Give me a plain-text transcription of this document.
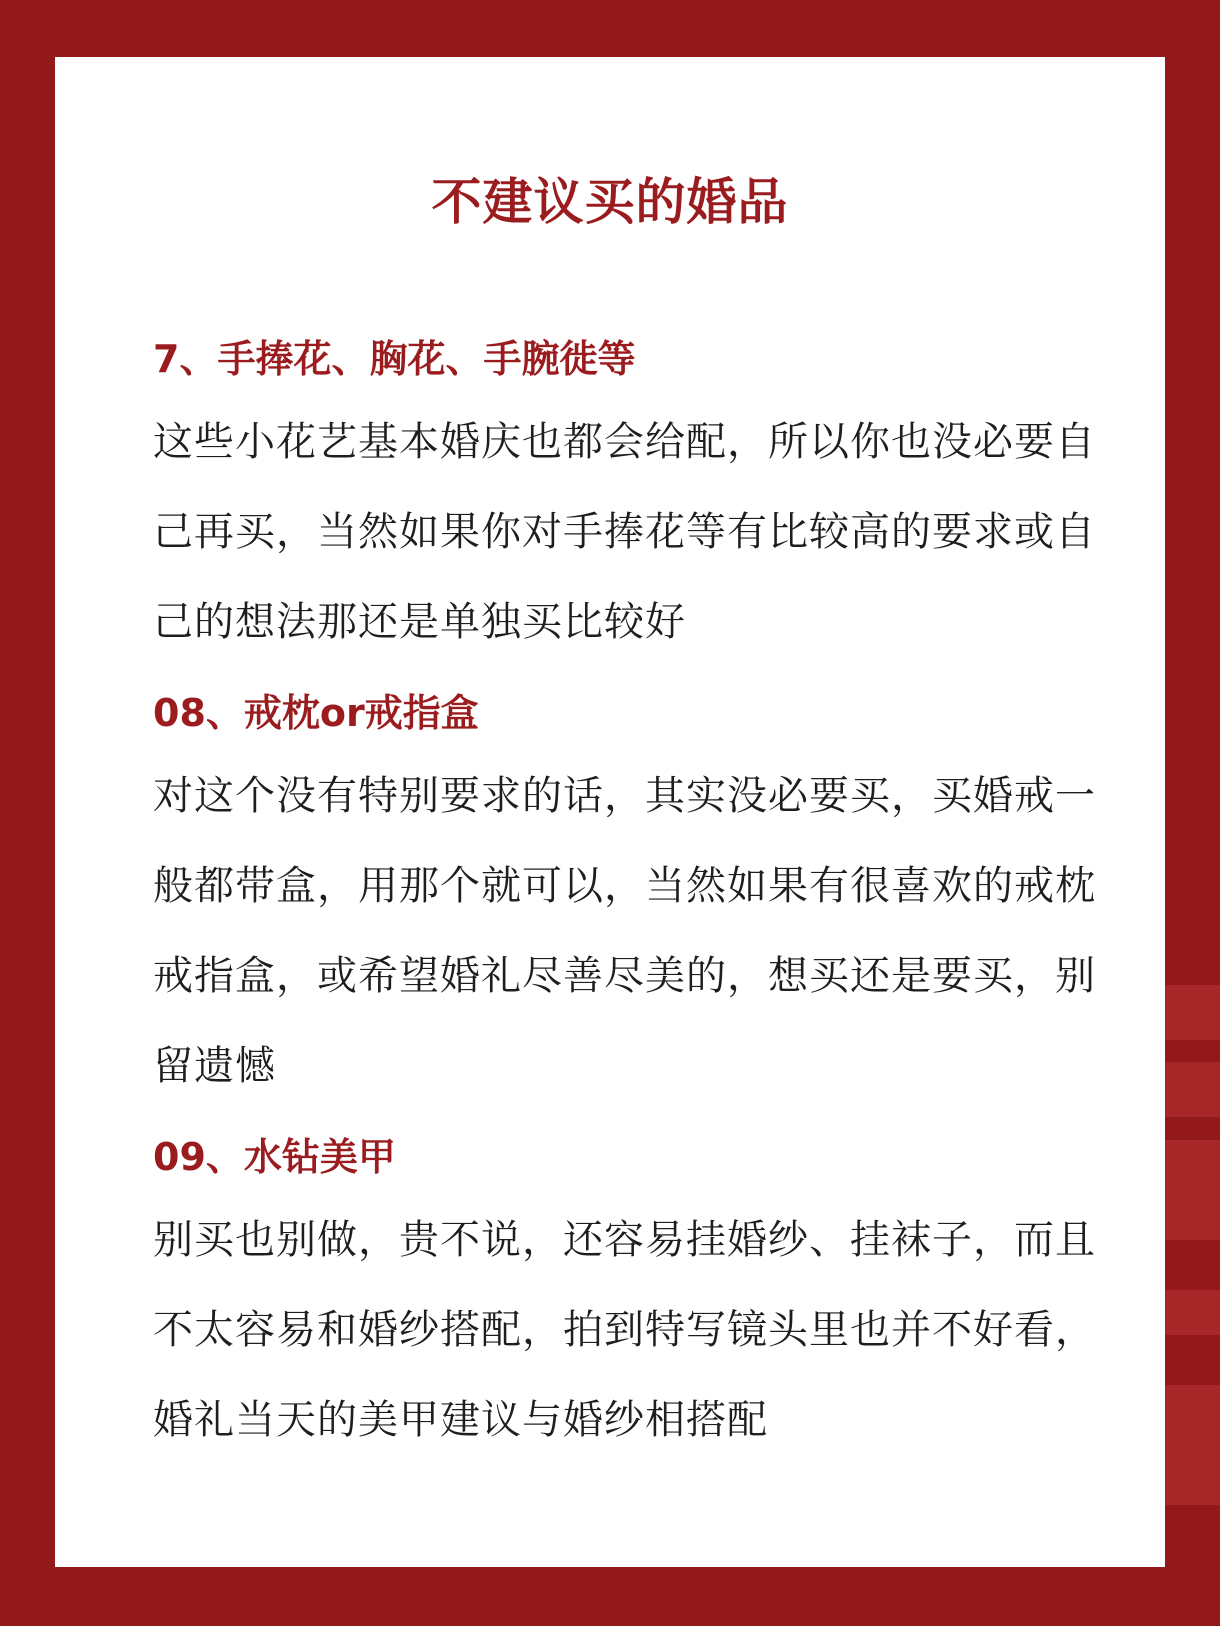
不建议买的婚品
7、手捧花、胸花、手腕徙等

这些小花艺基本婚庆也都会给配，所以你也没必要自己再买，当然如果你对手捧花等有比较高的要求或自己的想法那还是单独买比较好

08、戒枕or戒指盒

对这个没有特别要求的话，其实没必要买，买婚戒一般都带盒，用那个就可以，当然如果有很喜欢的戒枕戒指盒，或希望婚礼尽善尽美的，想买还是要买，别留遗憾

09、水钻美甲

别买也别做，贵不说，还容易挂婚纱、挂袜子，而且不太容易和婚纱搭配，拍到特写镜头里也并不好看，婚礼当天的美甲建议与婚纱相搭配
